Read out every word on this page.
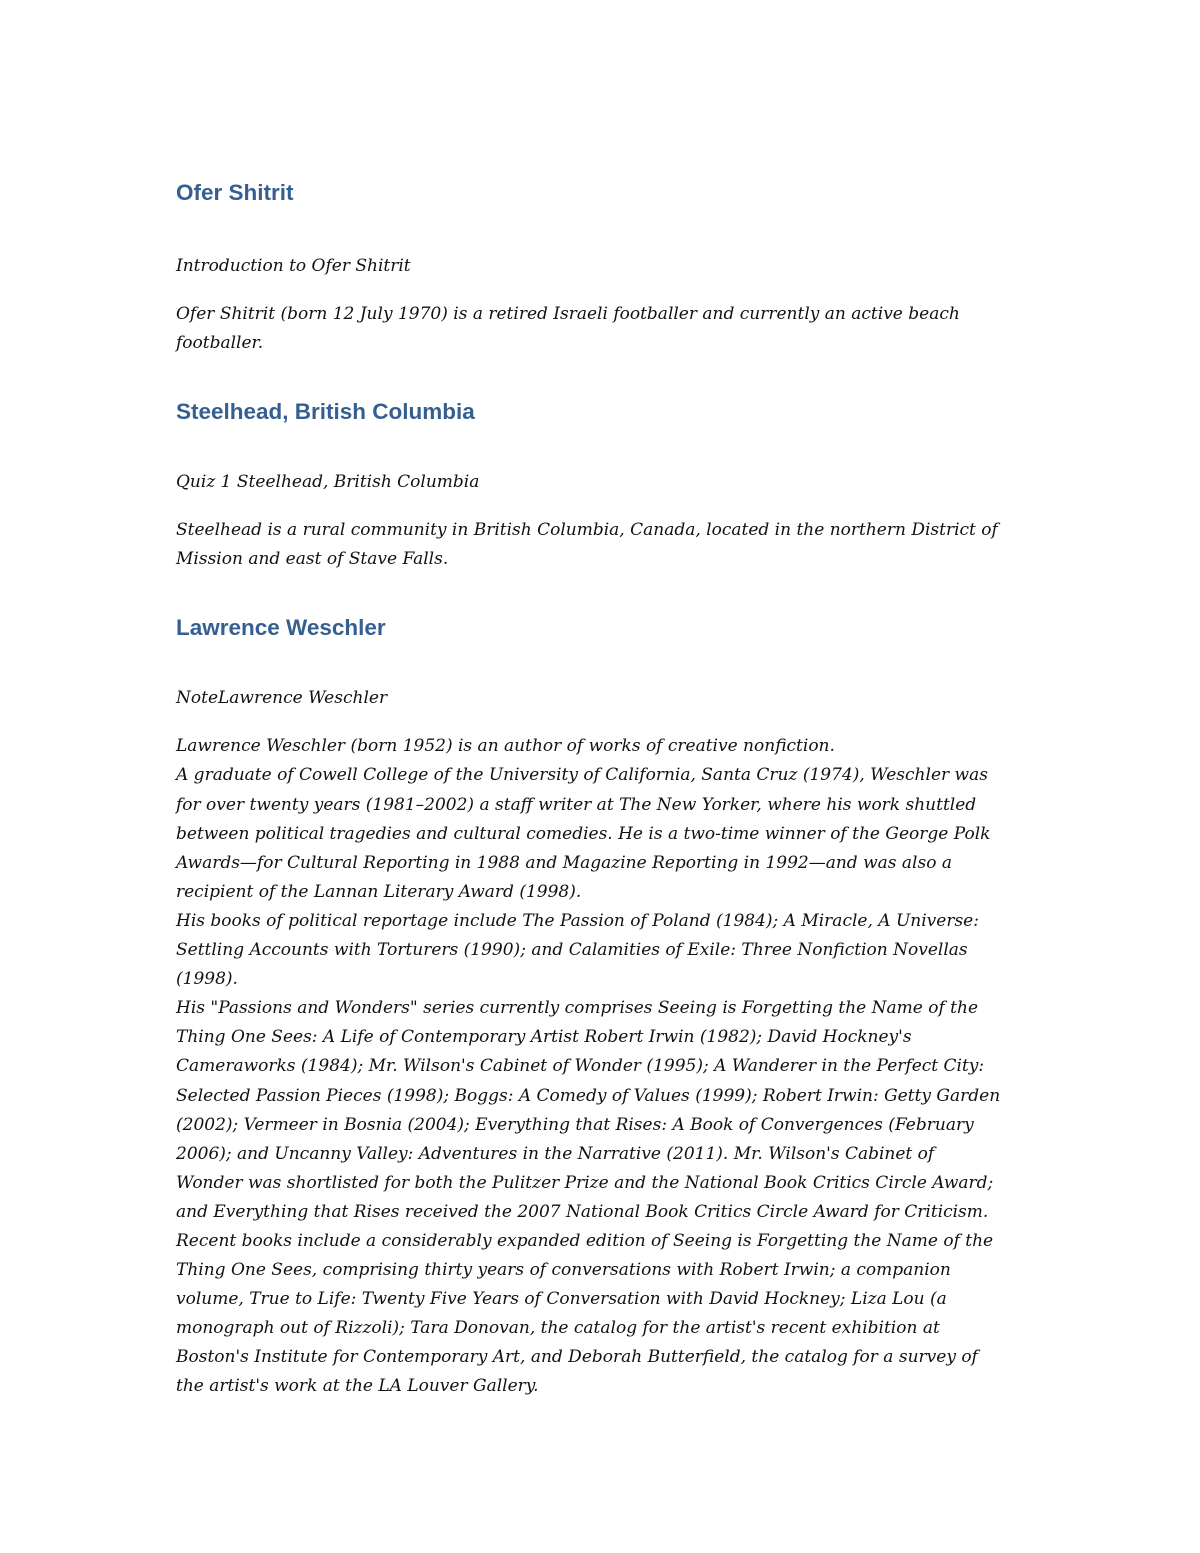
Ofer Shitrit

Introduction to Ofer Shitrit

Ofer Shitrit (born 12 July 1970) is a retired Israeli footballer and currently an active beach
footballer.

Steelhead, British Columbia

Quiz 1 Steelhead, British Columbia

Steelhead is a rural community in British Columbia, Canada, located in the northern District of
Mission and east of Stave Falls.

Lawrence Weschler

NoteLawrence Weschler

Lawrence Weschler (born 1952) is an author of works of creative nonfiction.
A graduate of Cowell College of the University of California, Santa Cruz (1974), Weschler was
for over twenty years (1981–2002) a staff writer at The New Yorker, where his work shuttled
between political tragedies and cultural comedies. He is a two-time winner of the George Polk
Awards—for Cultural Reporting in 1988 and Magazine Reporting in 1992—and was also a
recipient of the Lannan Literary Award (1998).
His books of political reportage include The Passion of Poland (1984); A Miracle, A Universe:
Settling Accounts with Torturers (1990); and Calamities of Exile: Three Nonfiction Novellas
(1998).
His "Passions and Wonders" series currently comprises Seeing is Forgetting the Name of the
Thing One Sees: A Life of Contemporary Artist Robert Irwin (1982); David Hockney's
Cameraworks (1984); Mr. Wilson's Cabinet of Wonder (1995); A Wanderer in the Perfect City:
Selected Passion Pieces (1998); Boggs: A Comedy of Values (1999); Robert Irwin: Getty Garden
(2002); Vermeer in Bosnia (2004); Everything that Rises: A Book of Convergences (February
2006); and Uncanny Valley: Adventures in the Narrative (2011). Mr. Wilson's Cabinet of
Wonder was shortlisted for both the Pulitzer Prize and the National Book Critics Circle Award;
and Everything that Rises received the 2007 National Book Critics Circle Award for Criticism.
Recent books include a considerably expanded edition of Seeing is Forgetting the Name of the
Thing One Sees, comprising thirty years of conversations with Robert Irwin; a companion
volume, True to Life: Twenty Five Years of Conversation with David Hockney; Liza Lou (a
monograph out of Rizzoli); Tara Donovan, the catalog for the artist's recent exhibition at
Boston's Institute for Contemporary Art, and Deborah Butterfield, the catalog for a survey of
the artist's work at the LA Louver Gallery.
